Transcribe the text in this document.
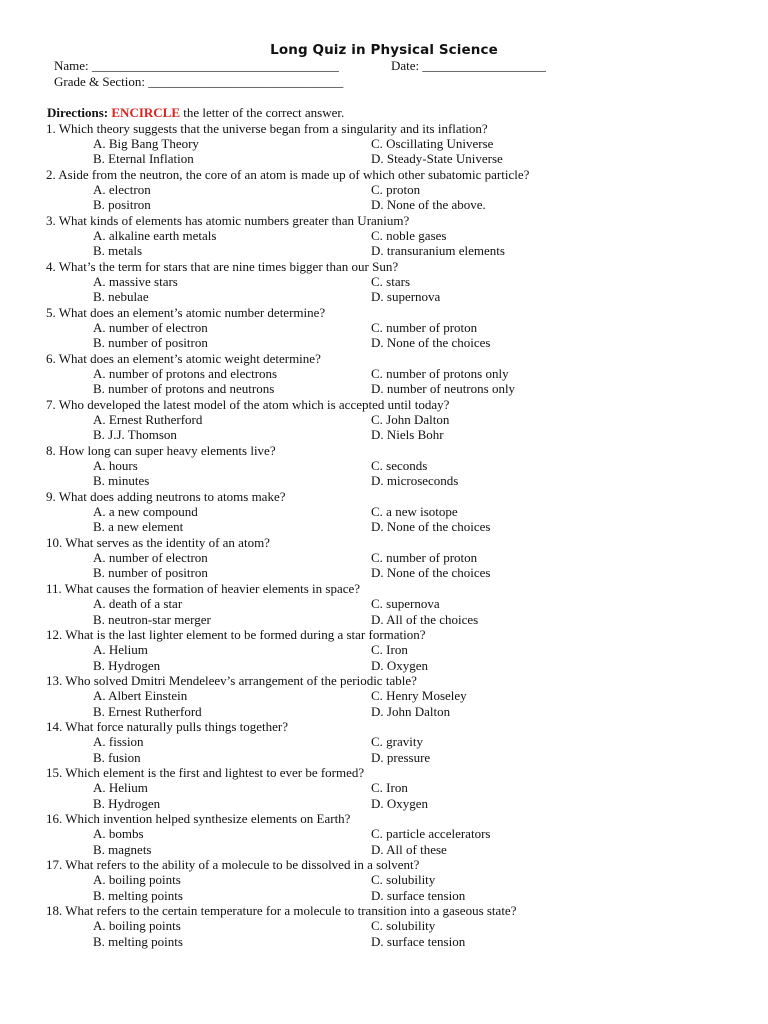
Long Quiz in Physical Science
Name: ______________________________________	Date: ___________________
Grade & Section: ______________________________
Directions: ENCIRCLE the letter of the correct answer.
1. Which theory suggests that the universe began from a singularity and its inflation?
A. Big Bang Theory	C. Oscillating Universe
B. Eternal Inflation	D. Steady-State Universe
2. Aside from the neutron, the core of an atom is made up of which other subatomic particle?
A. electron	C. proton
B. positron	D. None of the above.
3. What kinds of elements has atomic numbers greater than Uranium?
A. alkaline earth metals	C. noble gases
B. metals	D. transuranium elements
4. What’s the term for stars that are nine times bigger than our Sun?
A. massive stars	C. stars
B. nebulae	D. supernova
5. What does an element’s atomic number determine?
A. number of electron	C. number of proton
B. number of positron	D. None of the choices
6. What does an element’s atomic weight determine?
A. number of protons and electrons	C. number of protons only
B. number of protons and neutrons	D. number of neutrons only
7. Who developed the latest model of the atom which is accepted until today?
A. Ernest Rutherford	C. John Dalton
B. J.J. Thomson	D. Niels Bohr
8. How long can super heavy elements live?
A. hours	C. seconds
B. minutes	D. microseconds
9. What does adding neutrons to atoms make?
A. a new compound	C. a new isotope
B. a new element	D. None of the choices
10. What serves as the identity of an atom?
A. number of electron	C. number of proton
B. number of positron	D. None of the choices
11. What causes the formation of heavier elements in space?
A. death of a star	C. supernova
B. neutron-star merger	D. All of the choices
12. What is the last lighter element to be formed during a star formation?
A. Helium	C. Iron
B. Hydrogen	D. Oxygen
13. Who solved Dmitri Mendeleev’s arrangement of the periodic table?
A. Albert Einstein	C. Henry Moseley
B. Ernest Rutherford	D. John Dalton
14. What force naturally pulls things together?
A. fission	C. gravity
B. fusion	D. pressure
15. Which element is the first and lightest to ever be formed?
A. Helium	C. Iron
B. Hydrogen	D. Oxygen
16. Which invention helped synthesize elements on Earth?
A. bombs	C. particle accelerators
B. magnets	D. All of these
17. What refers to the ability of a molecule to be dissolved in a solvent?
A. boiling points	C. solubility
B. melting points	D. surface tension
18. What refers to the certain temperature for a molecule to transition into a gaseous state?
A. boiling points	C. solubility
B. melting points	D. surface tension
